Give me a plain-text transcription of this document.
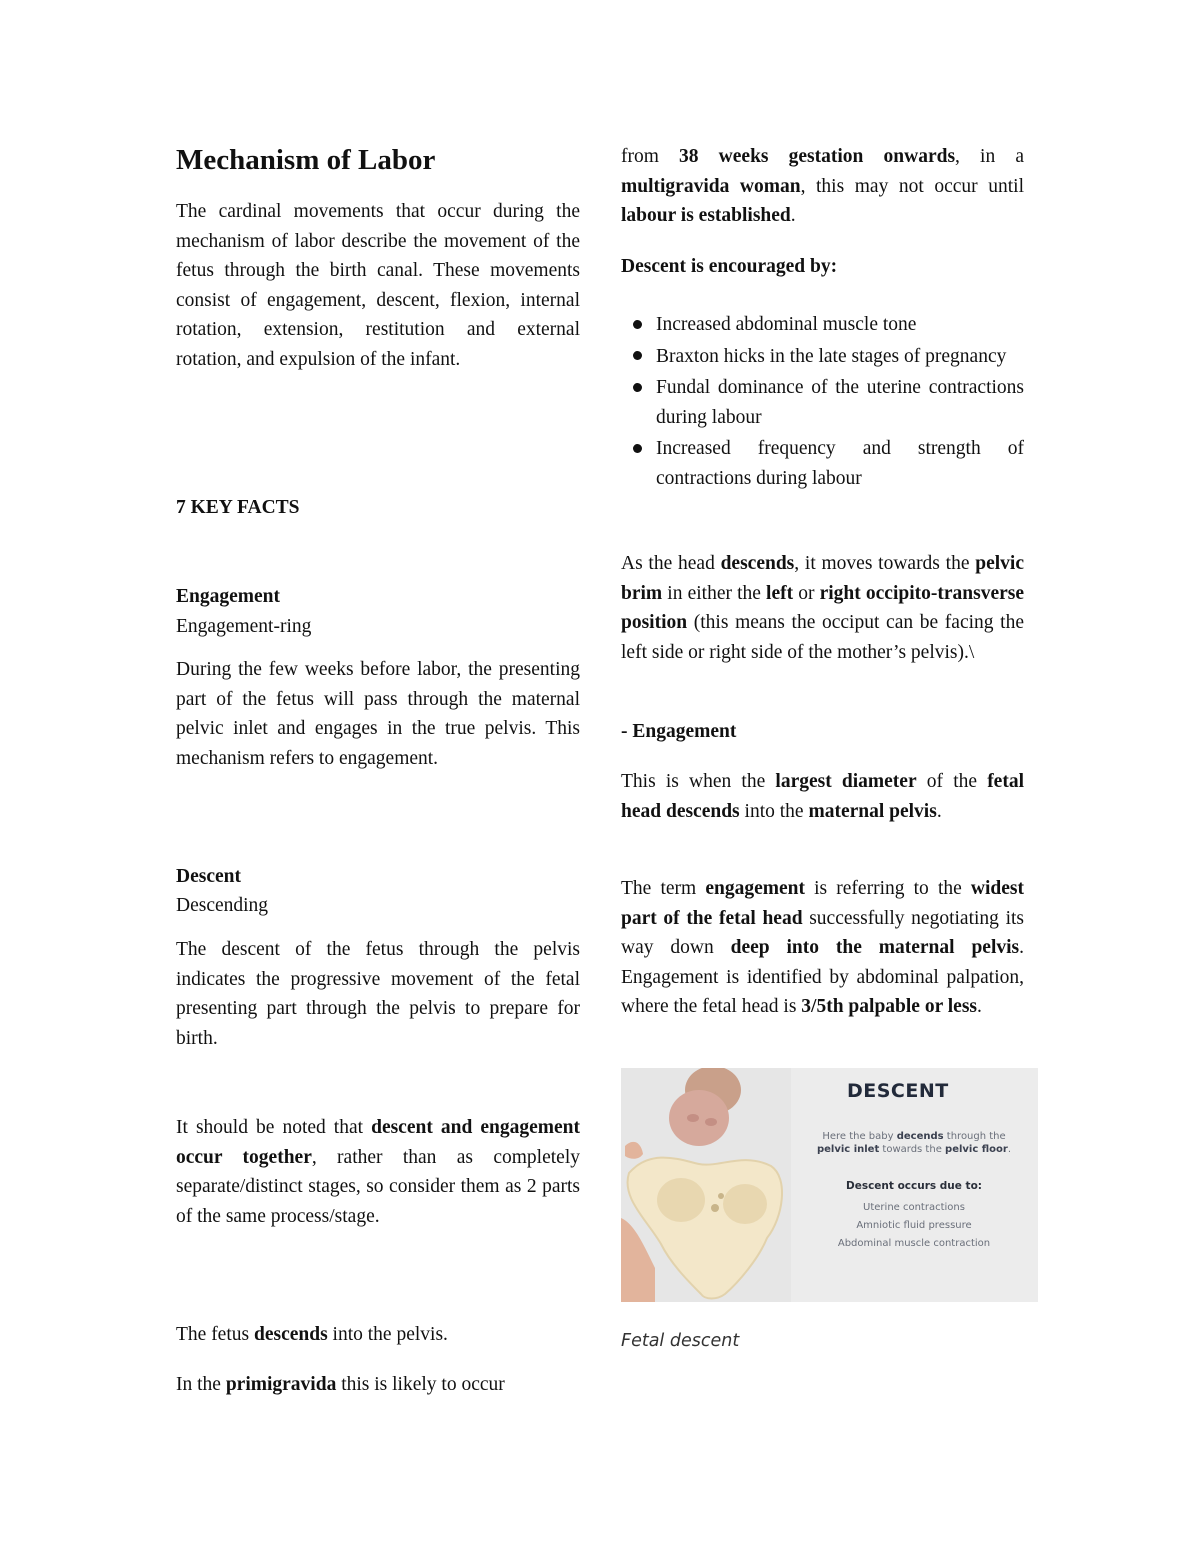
Mechanism of Labor

The cardinal movements that occur during the mechanism of labor describe the movement of the fetus through the birth canal. These movements consist of engagement, descent, flexion, internal rotation, extension, restitution and external rotation, and expulsion of the infant.

7 KEY FACTS

Engagement

Engagement-ring

During the few weeks before labor, the presenting part of the fetus will pass through the maternal pelvic inlet and engages in the true pelvis. This mechanism refers to engagement.

Descent

Descending

The descent of the fetus through the pelvis indicates the progressive movement of the fetal presenting part through the pelvis to prepare for birth.

It should be noted that descent and engagement occur together, rather than as completely separate/distinct stages, so consider them as 2 parts of the same process/stage.

The fetus descends into the pelvis.

In the primigravida this is likely to occur

from 38 weeks gestation onwards, in a multigravida woman, this may not occur until labour is established.

Descent is encouraged by:

Increased abdominal muscle tone
Braxton hicks in the late stages of pregnancy
Fundal dominance of the uterine contractions during labour
Increased frequency and strength of contractions during labour

As the head descends, it moves towards the pelvic brim in either the left or right occipito-transverse position (this means the occiput can be facing the left side or right side of the mother’s pelvis).\

- Engagement

This is when the largest diameter of the fetal head descends into the maternal pelvis.

The term engagement is referring to the widest part of the fetal head successfully negotiating its way down deep into the maternal pelvis. Engagement is identified by abdominal palpation, where the fetal head is 3/5th palpable or less.

Fetal descent

DESCENT
Here the baby decends through the
pelvic inlet towards the pelvic floor.
Descent occurs due to:
Uterine contractions
Amniotic fluid pressure
Abdominal muscle contraction
